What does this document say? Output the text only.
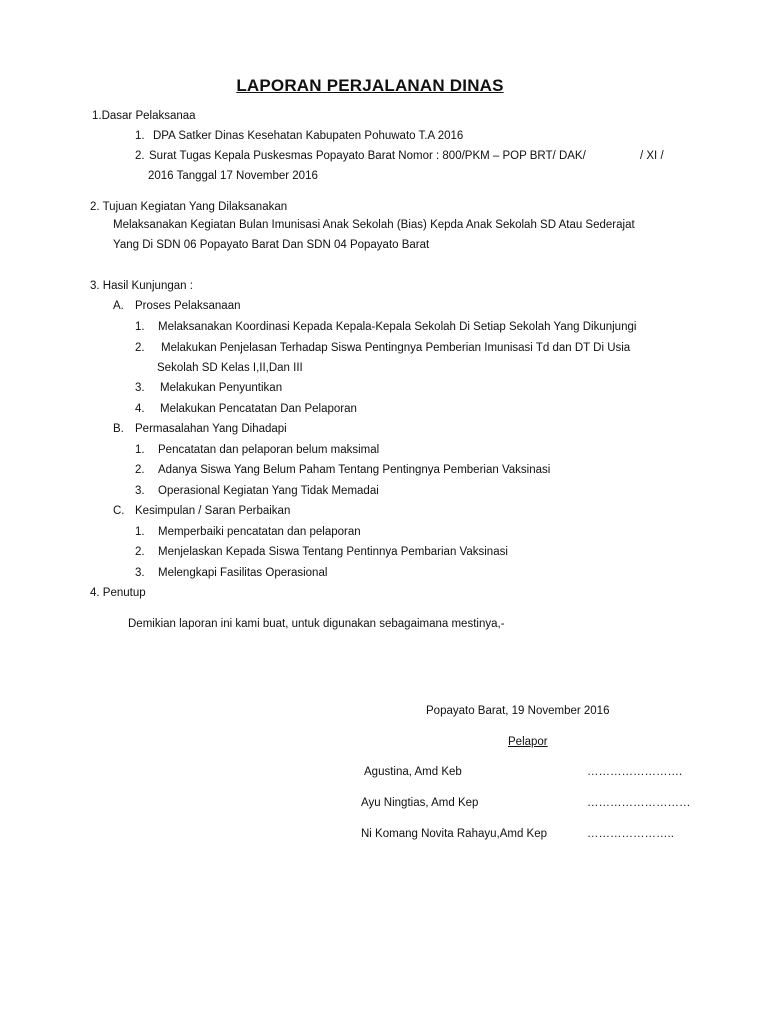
LAPORAN PERJALANAN DINAS
1.Dasar Pelaksanaa
1. DPA Satker Dinas Kesehatan Kabupaten Pohuwato T.A 2016
2. Surat Tugas Kepala Puskesmas Popayato Barat Nomor : 800/PKM – POP BRT/ DAK/	/ XI /
2016 Tanggal 17 November 2016
2. Tujuan Kegiatan Yang Dilaksanakan
Melaksanakan Kegiatan Bulan Imunisasi Anak Sekolah (Bias) Kepda Anak Sekolah SD Atau Sederajat
Yang Di SDN 06 Popayato Barat Dan SDN 04 Popayato Barat
3. Hasil Kunjungan :
A. Proses Pelaksanaan
1. Melaksanakan Koordinasi Kepada Kepala-Kepala Sekolah Di Setiap Sekolah Yang Dikunjungi
2. Melakukan Penjelasan Terhadap Siswa Pentingnya Pemberian Imunisasi Td dan DT Di Usia
Sekolah SD Kelas I,II,Dan III
3. Melakukan Penyuntikan
4. Melakukan Pencatatan Dan Pelaporan
B. Permasalahan Yang Dihadapi
1. Pencatatan dan pelaporan belum maksimal
2. Adanya Siswa Yang Belum Paham Tentang Pentingnya Pemberian Vaksinasi
3. Operasional Kegiatan Yang Tidak Memadai
C. Kesimpulan / Saran Perbaikan
1. Memperbaiki pencatatan dan pelaporan
2. Menjelaskan Kepada Siswa Tentang Pentinnya Pembarian Vaksinasi
3. Melengkapi Fasilitas Operasional
4. Penutup
Demikian laporan ini kami buat, untuk digunakan sebagaimana mestinya,-
Popayato Barat, 19 November 2016
Pelapor
Agustina, Amd Keb	…………………….
Ayu Ningtias, Amd Kep	………………………
Ni Komang Novita Rahayu,Amd Kep	…………………..
